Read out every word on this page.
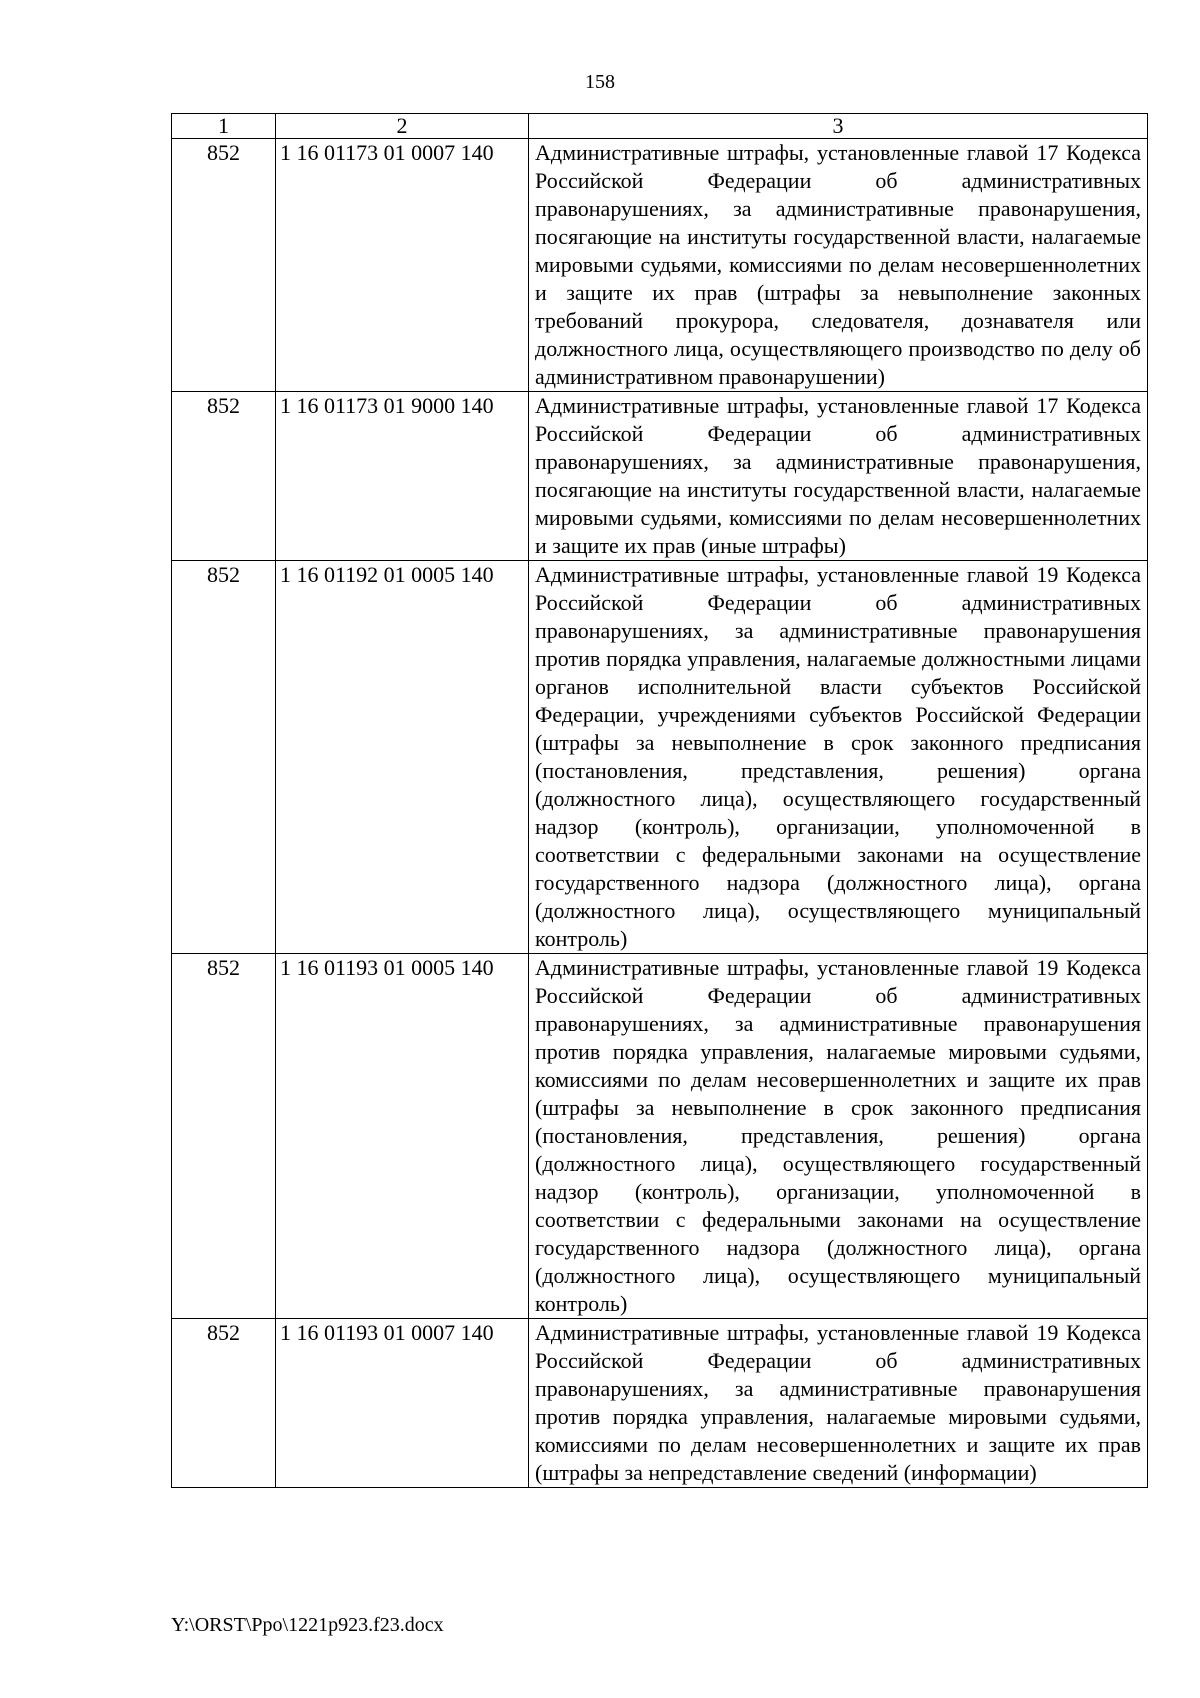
158
1	2	3
852	1 16 01173 01 0007 140	Административные штрафы, установленные главой 17 Кодекса Российской Федерации об административных правонарушениях, за административные правонарушения, посягающие на институты государственной власти, налагаемые мировыми судьями, комиссиями по делам несовершеннолетних и защите их прав (штрафы за невыполнение законных требований прокурора, следователя, дознавателя или должностного лица, осуществляющего производство по делу об административном правонарушении)
852	1 16 01173 01 9000 140	Административные штрафы, установленные главой 17 Кодекса Российской Федерации об административных правонарушениях, за административные правонарушения, посягающие на институты государственной власти, налагаемые мировыми судьями, комиссиями по делам несовершеннолетних и защите их прав (иные штрафы)
852	1 16 01192 01 0005 140	Административные штрафы, установленные главой 19 Кодекса Российской Федерации об административных правонарушениях, за административные правонарушения против порядка управления, налагаемые должностными лицами органов исполнительной власти субъектов Российской Федерации, учреждениями субъектов Российской Федерации (штрафы за невыполнение в срок законного предписания (постановления, представления, решения) органа (должностного лица), осуществляющего государственный надзор (контроль), организации, уполномоченной в соответствии с федеральными законами на осуществление государственного надзора (должностного лица), органа (должностного лица), осуществляющего муниципальный контроль)
852	1 16 01193 01 0005 140	Административные штрафы, установленные главой 19 Кодекса Российской Федерации об административных правонарушениях, за административные правонарушения против порядка управления, налагаемые мировыми судьями, комиссиями по делам несовершеннолетних и защите их прав (штрафы за невыполнение в срок законного предписания (постановления, представления, решения) органа (должностного лица), осуществляющего государственный надзор (контроль), организации, уполномоченной в соответствии с федеральными законами на осуществление государственного надзора (должностного лица), органа (должностного лица), осуществляющего муниципальный контроль)
852	1 16 01193 01 0007 140	Административные штрафы, установленные главой 19 Кодекса Российской Федерации об административных правонарушениях, за административные правонарушения против порядка управления, налагаемые мировыми судьями, комиссиями по делам несовершеннолетних и защите их прав (штрафы за непредставление сведений (информации)
Y:\ORST\Ppo\1221p923.f23.docx
